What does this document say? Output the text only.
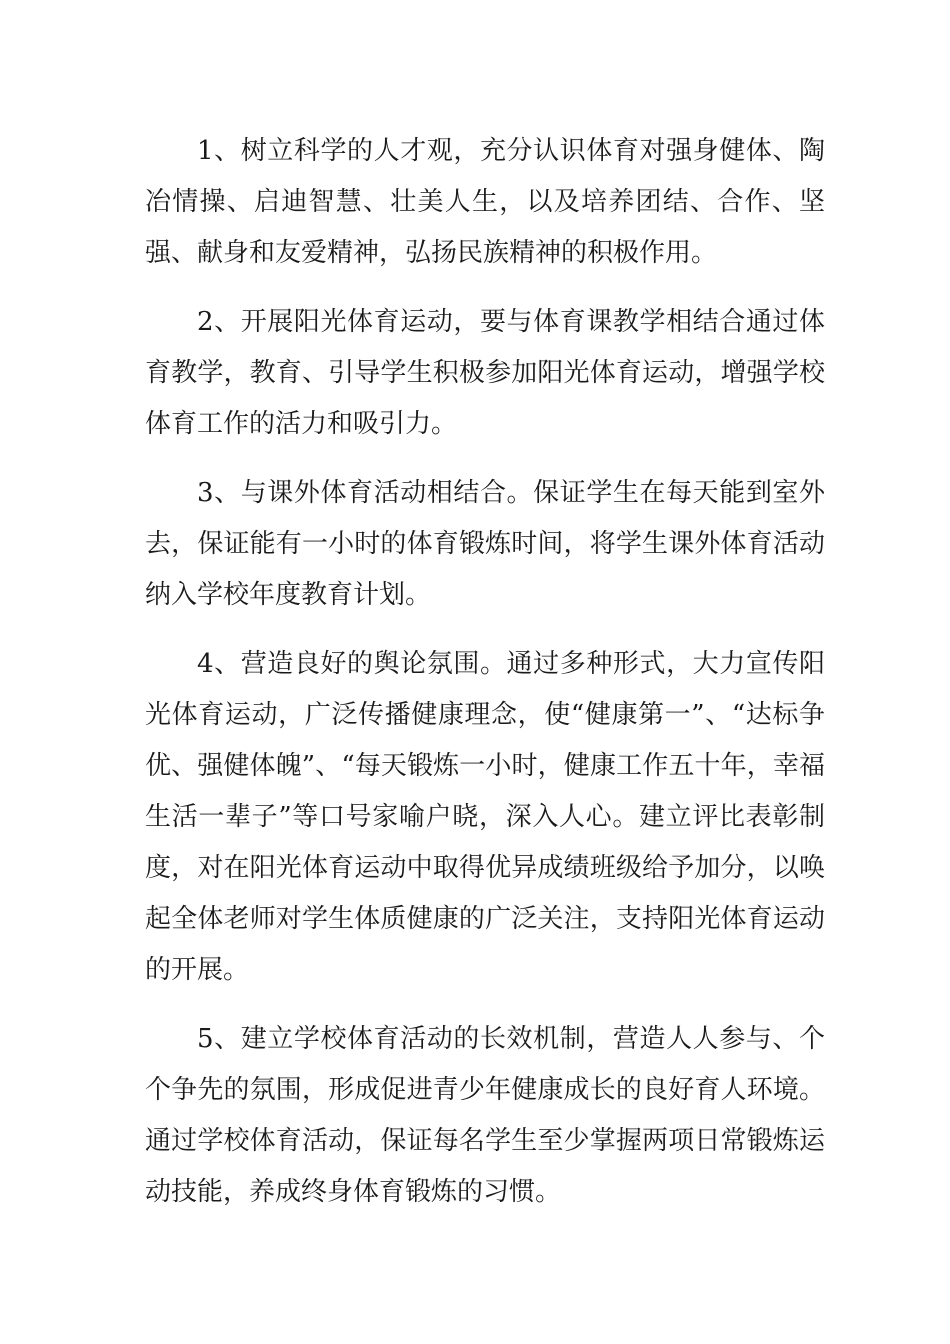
1、树立科学的人才观，充分认识体育对强身健体、陶冶情操、启迪智慧、壮美人生，以及培养团结、合作、坚强、献身和友爱精神，弘扬民族精神的积极作用。

2、开展阳光体育运动，要与体育课教学相结合通过体育教学，教育、引导学生积极参加阳光体育运动，增强学校体育工作的活力和吸引力。

3、与课外体育活动相结合。保证学生在每天能到室外去，保证能有一小时的体育锻炼时间，将学生课外体育活动纳入学校年度教育计划。

4、营造良好的舆论氛围。通过多种形式，大力宣传阳光体育运动，广泛传播健康理念，使“健康第一”、“达标争优、强健体魄”、“每天锻炼一小时，健康工作五十年，幸福生活一辈子”等口号家喻户晓，深入人心。建立评比表彰制度，对在阳光体育运动中取得优异成绩班级给予加分，以唤起全体老师对学生体质健康的广泛关注，支持阳光体育运动的开展。

5、建立学校体育活动的长效机制，营造人人参与、个个争先的氛围，形成促进青少年健康成长的良好育人环境。通过学校体育活动，保证每名学生至少掌握两项日常锻炼运动技能，养成终身体育锻炼的习惯。
